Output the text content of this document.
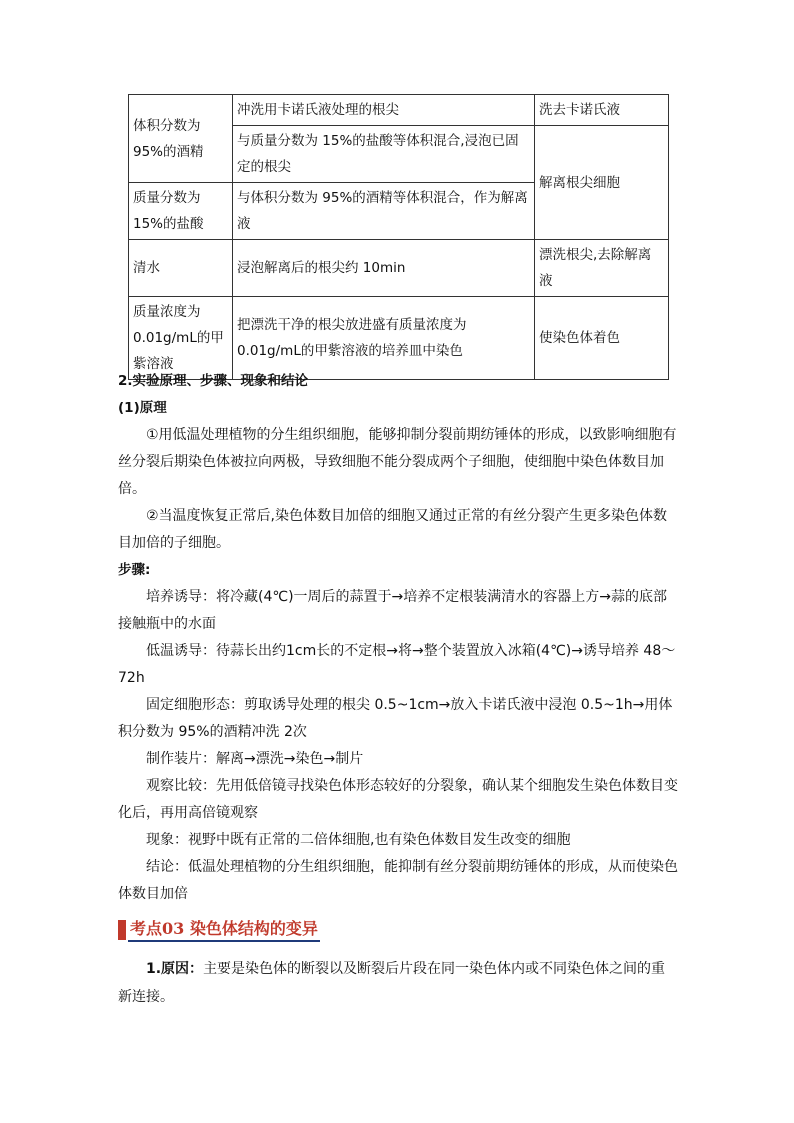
体积分数为95%的酒精	冲洗用卡诺氏液处理的根尖	洗去卡诺氏液
	与质量分数为 15%的盐酸等体积混合,浸泡已固定的根尖	解离根尖细胞
质量分数为15%的盐酸	与体积分数为 95%的酒精等体积混合，作为解离液	
清水	浸泡解离后的根尖约 10min	漂洗根尖,去除解离液
质量浓度为0.01g/mL的甲紫溶液	把漂洗干净的根尖放进盛有质量浓度为 0.01g/mL的甲紫溶液的培养皿中染色	使染色体着色
2.实验原理、步骤、现象和结论
(1)原理

①用低温处理植物的分生组织细胞，能够抑制分裂前期纺锤体的形成，以致影响细胞有丝分裂后期染色体被拉向两极，导致细胞不能分裂成两个子细胞，使细胞中染色体数目加倍。

②当温度恢复正常后,染色体数目加倍的细胞又通过正常的有丝分裂产生更多染色体数目加倍的子细胞。

步骤:

培养诱导：将冷藏(4℃)一周后的蒜置于→培养不定根装满清水的容器上方→蒜的底部接触瓶中的水面

低温诱导：待蒜长出约1cm长的不定根→将→整个装置放入冰箱(4℃)→诱导培养 48～72h

固定细胞形态：剪取诱导处理的根尖 0.5~1cm→放入卡诺氏液中浸泡 0.5~1h→用体积分数为 95%的酒精冲洗 2次

制作装片：解离→漂洗→染色→制片

观察比较：先用低倍镜寻找染色体形态较好的分裂象，确认某个细胞发生染色体数目变化后，再用高倍镜观察

现象：视野中既有正常的二倍体细胞,也有染色体数目发生改变的细胞

结论：低温处理植物的分生组织细胞，能抑制有丝分裂前期纺锤体的形成，从而使染色体数目加倍

考点03 染色体结构的变异
1.原因：主要是染色体的断裂以及断裂后片段在同一染色体内或不同染色体之间的重新连接。
